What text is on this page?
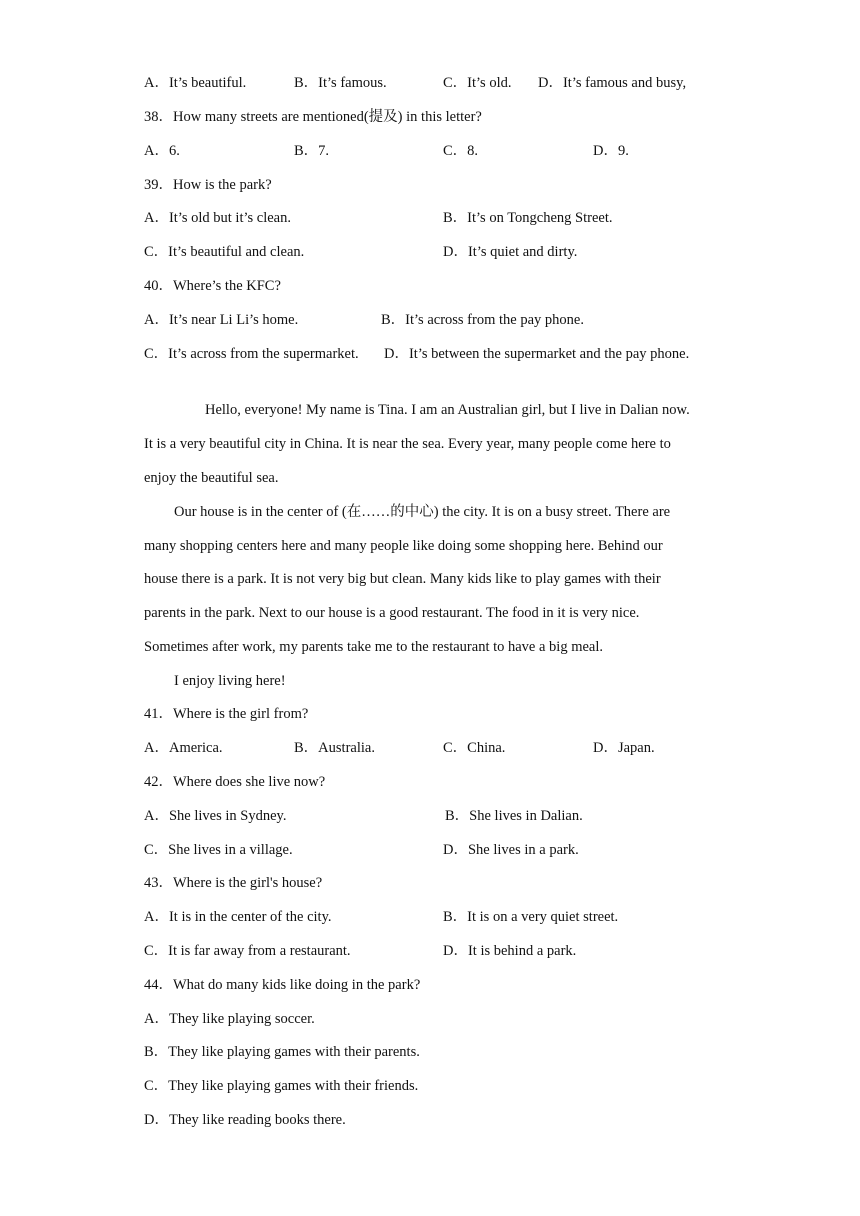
A．It’s beautiful.	B．It’s famous.	C．It’s old. D．It’s famous and busy,
38．How many streets are mentioned(提及) in this letter?
A．6.	B．7.	C．8.	D．9.
39．How is the park?
A．It’s old but it’s clean.	B．It’s on Tongcheng Street.
C．It’s beautiful and clean.	D．It’s quiet and dirty.
40．Where’s the KFC?
A．It’s near Li Li’s home.	B．It’s across from the pay phone.
C．It’s across from the supermarket. D．It’s between the supermarket and the pay phone.
Hello, everyone! My name is Tina. I am an Australian girl, but I live in Dalian now.
It is a very beautiful city in China. It is near the sea. Every year, many people come here to
enjoy the beautiful sea.
Our house is in the center of (在……的中心) the city. It is on a busy street. There are
many shopping centers here and many people like doing some shopping here. Behind our
house there is a park. It is not very big but clean. Many kids like to play games with their
parents in the park. Next to our house is a good restaurant. The food in it is very nice.
Sometimes after work, my parents take me to the restaurant to have a big meal.
I enjoy living here!
41．Where is the girl from?
A．America.	B．Australia.	C．China.	D．Japan.
42．Where does she live now?
A．She lives in Sydney.	B．She lives in Dalian.
C．She lives in a village.	D．She lives in a park.
43．Where is the girl's house?
A．It is in the center of the city.	B．It is on a very quiet street.
C．It is far away from a restaurant.	D．It is behind a park.
44．What do many kids like doing in the park?
A．They like playing soccer.
B．They like playing games with their parents.
C．They like playing games with their friends.
D．They like reading books there.
